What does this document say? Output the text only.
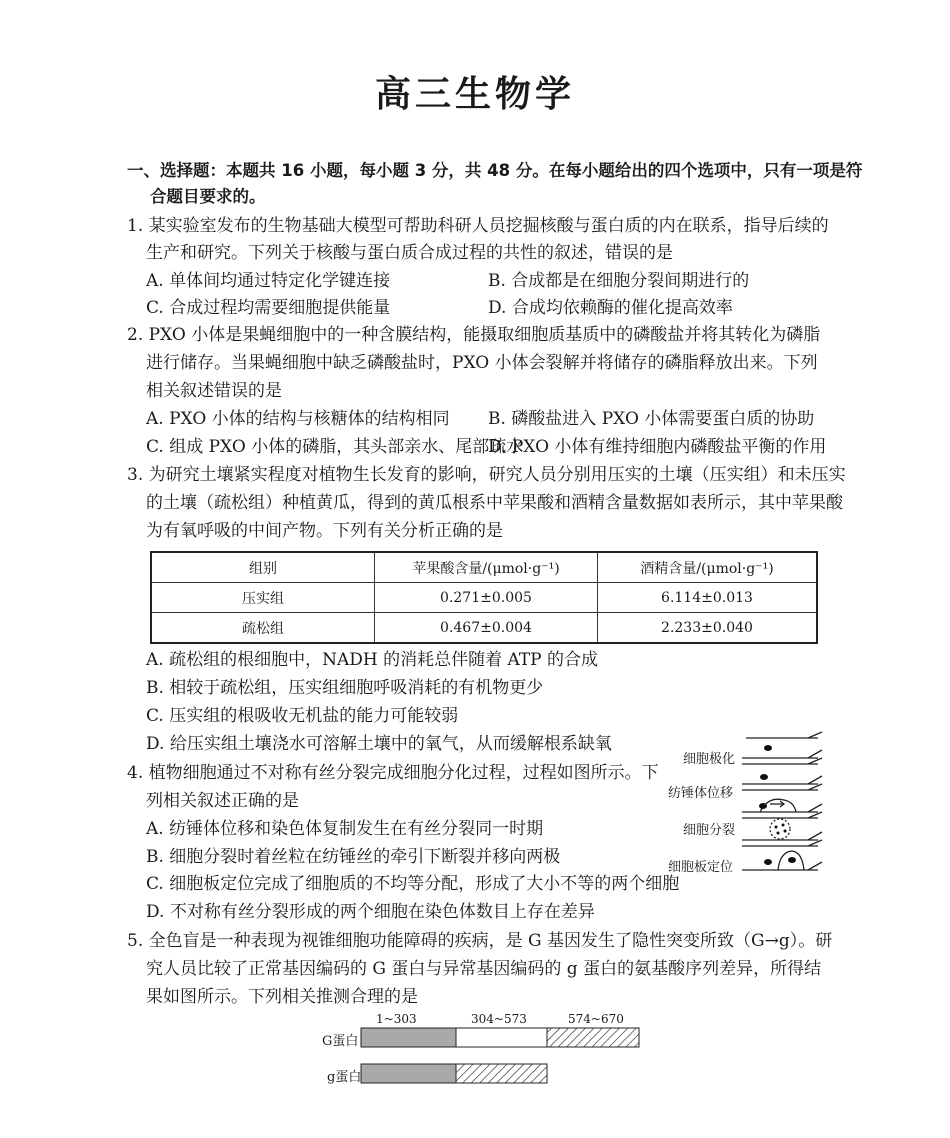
高三生物学
一、选择题：本题共 16 小题，每小题 3 分，共 48 分。在每小题给出的四个选项中，只有一项是符
合题目要求的。
1. 某实验室发布的生物基础大模型可帮助科研人员挖掘核酸与蛋白质的内在联系，指导后续的
生产和研究。下列关于核酸与蛋白质合成过程的共性的叙述，错误的是
A. 单体间均通过特定化学键连接	B. 合成都是在细胞分裂间期进行的
C. 合成过程均需要细胞提供能量	D. 合成均依赖酶的催化提高效率
2. PXO 小体是果蝇细胞中的一种含膜结构，能摄取细胞质基质中的磷酸盐并将其转化为磷脂
进行储存。当果蝇细胞中缺乏磷酸盐时，PXO 小体会裂解并将储存的磷脂释放出来。下列
相关叙述错误的是
A. PXO 小体的结构与核糖体的结构相同 B. 磷酸盐进入 PXO 小体需要蛋白质的协助
C. 组成 PXO 小体的磷脂，其头部亲水、尾部疏水
D. PXO 小体有维持细胞内磷酸盐平衡的作用
3. 为研究土壤紧实程度对植物生长发育的影响，研究人员分别用压实的土壤（压实组）和未压实
的土壤（疏松组）种植黄瓜，得到的黄瓜根系中苹果酸和酒精含量数据如表所示，其中苹果酸
为有氧呼吸的中间产物。下列有关分析正确的是
组别	苹果酸含量/(μmol·g⁻¹)	酒精含量/(μmol·g⁻¹)
压实组	0.271±0.005	6.114±0.013
疏松组	0.467±0.004	2.233±0.040
A. 疏松组的根细胞中，NADH 的消耗总伴随着 ATP 的合成
B. 相较于疏松组，压实组细胞呼吸消耗的有机物更少
C. 压实组的根吸收无机盐的能力可能较弱
D. 给压实组土壤浇水可溶解土壤中的氧气，从而缓解根系缺氧
4. 植物细胞通过不对称有丝分裂完成细胞分化过程，过程如图所示。下
列相关叙述正确的是
A. 纺锤体位移和染色体复制发生在有丝分裂同一时期
B. 细胞分裂时着丝粒在纺锤丝的牵引下断裂并移向两极
C. 细胞板定位完成了细胞质的不均等分配，形成了大小不等的两个细胞
D. 不对称有丝分裂形成的两个细胞在染色体数目上存在差异
细胞极化
纺锤体位移
细胞分裂
细胞板定位
5. 全色盲是一种表现为视锥细胞功能障碍的疾病，是 G 基因发生了隐性突变所致（G→g）。研
究人员比较了正常基因编码的 G 蛋白与异常基因编码的 g 蛋白的氨基酸序列差异，所得结
果如图所示。下列相关推测合理的是
1~303	304~573	574~670
G蛋白
g蛋白
